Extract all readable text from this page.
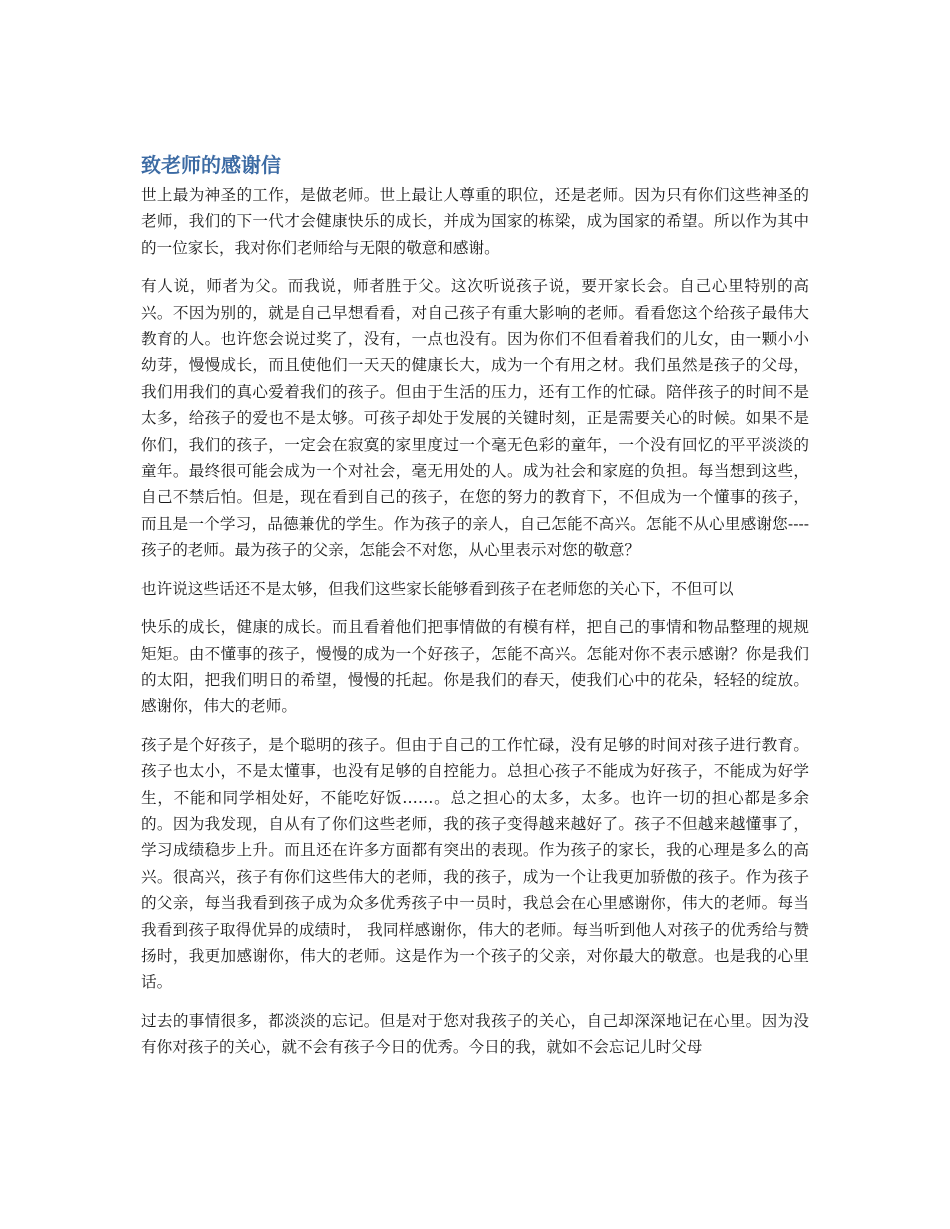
致老师的感谢信

世上最为神圣的工作，是做老师。世上最让人尊重的职位，还是老师。因为只有你们这些神圣的老师，我们的下一代才会健康快乐的成长，并成为国家的栋梁，成为国家的希望。所以作为其中的一位家长，我对你们老师给与无限的敬意和感谢。

有人说，师者为父。而我说，师者胜于父。这次听说孩子说，要开家长会。自己心里特别的高兴。不因为别的，就是自己早想看看，对自己孩子有重大影响的老师。看看您这个给孩子最伟大教育的人。也许您会说过奖了，没有，一点也没有。因为你们不但看着我们的儿女，由一颗小小幼芽，慢慢成长，而且使他们一天天的健康长大，成为一个有用之材。我们虽然是孩子的父母，我们用我们的真心爱着我们的孩子。但由于生活的压力，还有工作的忙碌。陪伴孩子的时间不是太多，给孩子的爱也不是太够。可孩子却处于发展的关键时刻，正是需要关心的时候。如果不是你们，我们的孩子，一定会在寂寞的家里度过一个毫无色彩的童年，一个没有回忆的平平淡淡的童年。最终很可能会成为一个对社会，毫无用处的人。成为社会和家庭的负担。每当想到这些，自己不禁后怕。但是，现在看到自己的孩子，在您的努力的教育下，不但成为一个懂事的孩子，而且是一个学习，品德兼优的学生。作为孩子的亲人，自己怎能不高兴。怎能不从心里感谢您----孩子的老师。最为孩子的父亲，怎能会不对您，从心里表示对您的敬意？

也许说这些话还不是太够，但我们这些家长能够看到孩子在老师您的关心下，不但可以

快乐的成长，健康的成长。而且看着他们把事情做的有模有样，把自己的事情和物品整理的规规矩矩。由不懂事的孩子，慢慢的成为一个好孩子，怎能不高兴。怎能对你不表示感谢？你是我们的太阳，把我们明日的希望，慢慢的托起。你是我们的春天，使我们心中的花朵，轻轻的绽放。感谢你，伟大的老师。

孩子是个好孩子，是个聪明的孩子。但由于自己的工作忙碌，没有足够的时间对孩子进行教育。 孩子也太小，不是太懂事，也没有足够的自控能力。总担心孩子不能成为好孩子，不能成为好学生，不能和同学相处好，不能吃好饭……。总之担心的太多，太多。也许一切的担心都是多余的。因为我发现，自从有了你们这些老师，我的孩子变得越来越好了。孩子不但越来越懂事了，学习成绩稳步上升。而且还在许多方面都有突出的表现。作为孩子的家长，我的心理是多么的高兴。很高兴，孩子有你们这些伟大的老师，我的孩子，成为一个让我更加骄傲的孩子。作为孩子的父亲，每当我看到孩子成为众多优秀孩子中一员时，我总会在心里感谢你，伟大的老师。每当我看到孩子取得优异的成绩时， 我同样感谢你，伟大的老师。每当听到他人对孩子的优秀给与赞扬时，我更加感谢你，伟大的老师。这是作为一个孩子的父亲，对你最大的敬意。也是我的心里话。

过去的事情很多，都淡淡的忘记。但是对于您对我孩子的关心，自己却深深地记在心里。因为没有你对孩子的关心，就不会有孩子今日的优秀。今日的我，就如不会忘记儿时父母
